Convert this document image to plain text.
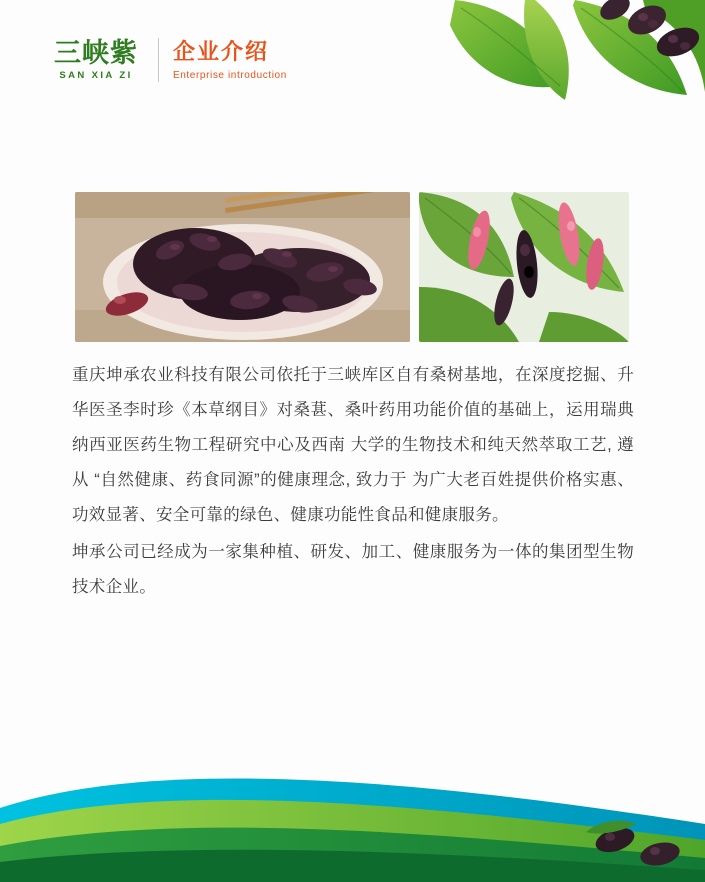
三峡紫
SAN XIA ZI
企业介绍
Enterprise introduction

重庆坤承农业科技有限公司依托于三峡库区自有桑树基地，在深度挖掘、升华医圣李时珍《本草纲目》对桑葚、桑叶药用功能价值的基础上，运用瑞典纳西亚医药生物工程研究中心及西南 大学的生物技术和纯天然萃取工艺, 遵从 “自然健康、药食同源”的健康理念, 致力于 为广大老百姓提供价格实惠、功效显著、安全可靠的绿色、健康功能性食品和健康服务。

坤承公司已经成为一家集种植、研发、加工、健康服务为一体的集团型生物技术企业。
